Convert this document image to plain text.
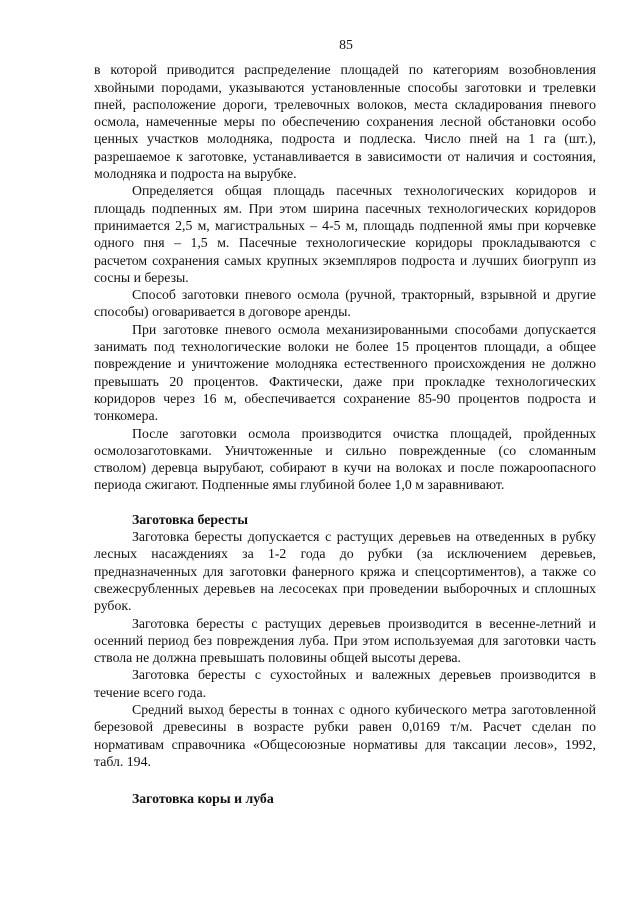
85

в которой приводится распределение площадей по категориям возобновления хвойными породами, указываются установленные способы заготовки и трелевки пней, расположение дороги, трелевочных волоков, места складирования пневого осмола, намеченные меры по обеспечению сохранения лесной обстановки особо ценных участков молодняка, подроста и подлеска. Число пней на 1 га (шт.), разрешаемое к заготовке, устанавливается в зависимости от наличия и состояния, молодняка и подроста на вырубке.

Определяется общая площадь пасечных технологических коридоров и площадь подпенных ям. При этом ширина пасечных технологических коридоров принимается 2,5 м, магистральных – 4-5 м, площадь подпенной ямы при корчевке одного пня – 1,5 м. Пасечные технологические коридоры прокладываются с расчетом сохранения самых крупных экземпляров подроста и лучших биогрупп из сосны и березы.

Способ заготовки пневого осмола (ручной, тракторный, взрывной и другие способы) оговаривается в договоре аренды.

При заготовке пневого осмола механизированными способами допускается занимать под технологические волоки не более 15 процентов площади, а общее повреждение и уничтожение молодняка естественного происхождения не должно превышать 20 процентов. Фактически, даже при прокладке технологических коридоров через 16 м, обеспечивается сохранение 85-90 процентов подроста и тонкомера.

После заготовки осмола производится очистка площадей, пройденных осмолозаготовками. Уничтоженные и сильно поврежденные (со сломанным стволом) деревца вырубают, собирают в кучи на волоках и после пожароопасного периода сжигают. Подпенные ямы глубиной более 1,0 м заравнивают.

Заготовка бересты

Заготовка бересты допускается с растущих деревьев на отведенных в рубку лесных насаждениях за 1-2 года до рубки (за исключением деревьев, предназначенных для заготовки фанерного кряжа и спецсортиментов), а также со свежесрубленных деревьев на лесосеках при проведении выборочных и сплошных рубок.

Заготовка бересты с растущих деревьев производится в весенне-летний и осенний период без повреждения луба. При этом используемая для заготовки часть ствола не должна превышать половины общей высоты дерева.

Заготовка бересты с сухостойных и валежных деревьев производится в течение всего года.

Средний выход бересты в тоннах с одного кубического метра заготовленной березовой древесины в возрасте рубки равен 0,0169 т/м. Расчет сделан по нормативам справочника «Общесоюзные нормативы для таксации лесов», 1992, табл. 194.

Заготовка коры и луба
